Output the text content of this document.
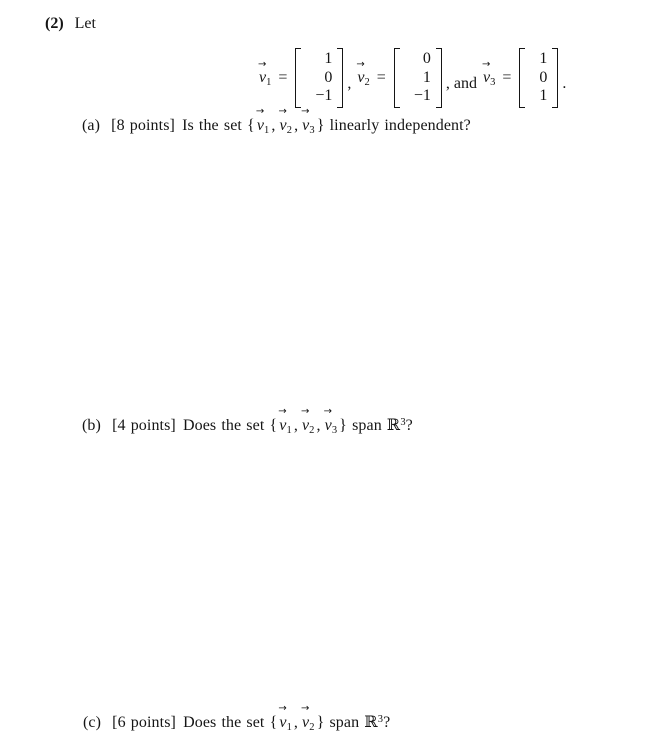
(2) Let
→
$v_1$ =
1
0
−1
,
→
$v_2$ =
0
1
−1
, and
→
$v_3$ =
1
0
1
.
(a) [8 points] Is the set {
→
$v_1$ ,
→
$v_2$ ,
→
$v_3$ } linearly independent?
(b) [4 points] Does the set {
→
$v_1$ ,
→
$v_2$ ,
→
$v_3$ } span ℝ$^3$?
(c) [6 points] Does the set {
→
$v_1$ ,
→
$v_2$ } span ℝ$^3$?
